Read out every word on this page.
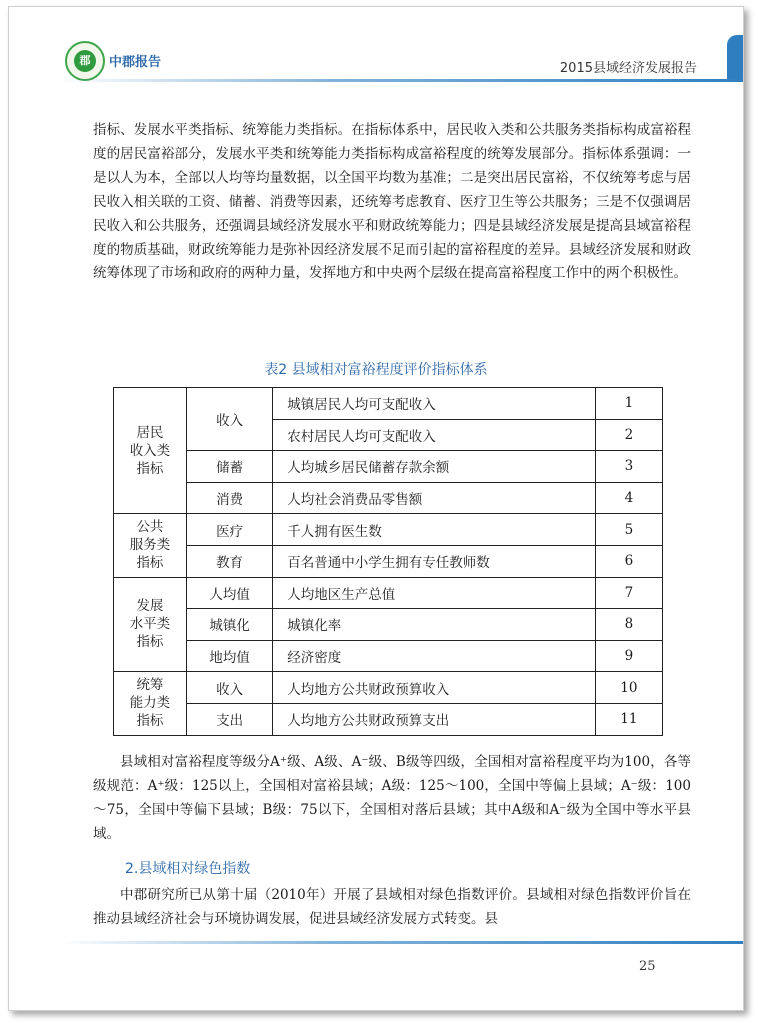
郡	中郡报告	2015县域经济发展报告

指标、发展水平类指标、统筹能力类指标。在指标体系中，居民收入类和公共服务类指标构成富裕程度的居民富裕部分，发展水平类和统筹能力类指标构成富裕程度的统筹发展部分。指标体系强调：一是以人为本，全部以人均等均量数据，以全国平均数为基准；二是突出居民富裕，不仅统筹考虑与居民收入相关联的工资、储蓄、消费等因素，还统筹考虑教育、医疗卫生等公共服务；三是不仅强调居民收入和公共服务，还强调县域经济发展水平和财政统筹能力；四是县域经济发展是提高县域富裕程度的物质基础，财政统筹能力是弥补因经济发展不足而引起的富裕程度的差异。县域经济发展和财政统筹体现了市场和政府的两种力量，发挥地方和中央两个层级在提高富裕程度工作中的两个积极性。

表2 县域相对富裕程度评价指标体系
居民
收入类
指标	收入	城镇居民人均可支配收入	1
		农村居民人均可支配收入	2
	储蓄	人均城乡居民储蓄存款余额	3
	消费	人均社会消费品零售额	4

公共
服务类
指标	医疗	千人拥有医生数	5
	教育	百名普通中小学生拥有专任教师数	6

发展
水平类
指标	人均值	人均地区生产总值	7
	城镇化	城镇化率	8
	地均值	经济密度	9

统筹
能力类
指标	收入	人均地方公共财政预算收入	10
	支出	人均地方公共财政预算支出	11

县域相对富裕程度等级分A⁺级、A级、A⁻级、B级等四级，全国相对富裕程度平均为100，各等级规范：A⁺级：125以上，全国相对富裕县域；A级：125～100，全国中等偏上县域；A⁻级：100～75，全国中等偏下县域；B级：75以下，全国相对落后县域；其中A级和A⁻级为全国中等水平县域。

2.县域相对绿色指数

中郡研究所已从第十届（2010年）开展了县域相对绿色指数评价。县域相对绿色指数评价旨在推动县域经济社会与环境协调发展，促进县域经济发展方式转变。县

25
